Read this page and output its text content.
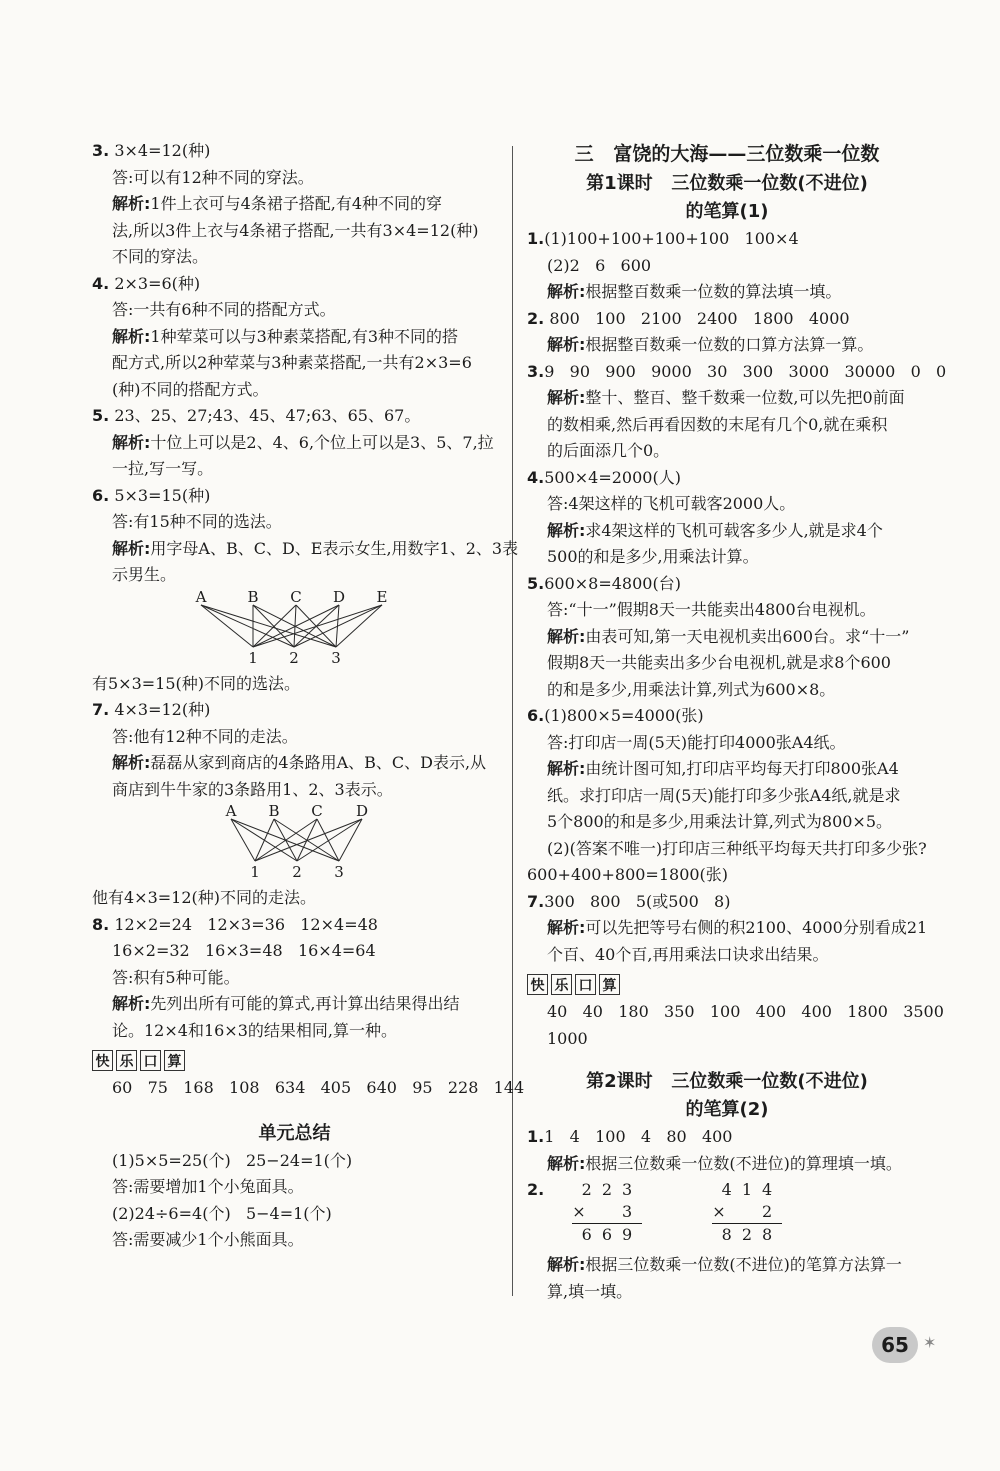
3. 3×4=12(种)
答:可以有12种不同的穿法。
解析:1件上衣可与4条裙子搭配,有4种不同的穿
法,所以3件上衣与4条裙子搭配,一共有3×4=12(种)
不同的穿法。
4. 2×3=6(种)
答:一共有6种不同的搭配方式。
解析:1种荤菜可以与3种素菜搭配,有3种不同的搭
配方式,所以2种荤菜与3种素菜搭配,一共有2×3=6
(种)不同的搭配方式。
5. 23、25、27;43、45、47;63、65、67。
解析:十位上可以是2、4、6,个位上可以是3、5、7,拉
一拉,写一写。
6. 5×3=15(种)
答:有15种不同的选法。
解析:用字母A、B、C、D、E表示女生,用数字1、2、3表
示男生。
A	B C D E
1 2 3
有5×3=15(种)不同的选法。
7. 4×3=12(种)
答:他有12种不同的走法。
解析:磊磊从家到商店的4条路用A、B、C、D表示,从
商店到牛牛家的3条路用1、2、3表示。
A B C D
1 2 3
他有4×3=12(种)不同的走法。
8. 12×2=24   12×3=36   12×4=48
16×2=32   16×3=48   16×4=64
答:积有5种可能。
解析:先列出所有可能的算式,再计算出结果得出结
论。12×4和16×3的结果相同,算一种。
快 乐 口 算
60   75   168   108   634   405   640   95   228   144
单元总结
(1)5×5=25(个)   25−24=1(个)
答:需要增加1个小兔面具。
(2)24÷6=4(个)   5−4=1(个)
答:需要减少1个小熊面具。
三   富饶的大海——三位数乘一位数
第1课时   三位数乘一位数(不进位)
的笔算(1)
1.(1)100+100+100+100   100×4
(2)2   6   600
解析:根据整百数乘一位数的算法填一填。
2. 800   100   2100   2400   1800   4000
解析:根据整百数乘一位数的口算方法算一算。
3.9   90   900   9000   30   300   3000   30000   0   0
解析:整十、整百、整千数乘一位数,可以先把0前面
的数相乘,然后再看因数的末尾有几个0,就在乘积
的后面添几个0。
4.500×4=2000(人)
答:4架这样的飞机可载客2000人。
解析:求4架这样的飞机可载客多少人,就是求4个
500的和是多少,用乘法计算。
5.600×8=4800(台)
答:“十一”假期8天一共能卖出4800台电视机。
解析:由表可知,第一天电视机卖出600台。求“十一”
假期8天一共能卖出多少台电视机,就是求8个600
的和是多少,用乘法计算,列式为600×8。
6.(1)800×5=4000(张)
答:打印店一周(5天)能打印4000张A4纸。
解析:由统计图可知,打印店平均每天打印800张A4
纸。求打印店一周(5天)能打印多少张A4纸,就是求
5个800的和是多少,用乘法计算,列式为800×5。
(2)(答案不唯一)打印店三种纸平均每天共打印多少张?
600+400+800=1800(张)
7.300   800   5(或500   8)
解析:可以先把等号右侧的积2100、4000分别看成21
个百、40个百,再用乘法口诀求出结果。
快 乐 口 算
40   40   180   350   100   400   400   1800   3500
1000
第2课时   三位数乘一位数(不进位)
的笔算(2)
1.1   4   100   4   80   400
解析:根据三位数乘一位数(不进位)的算理填一填。
2.	223
× 3
669
414
× 2
828
解析:根据三位数乘一位数(不进位)的笔算方法算一
算,填一填。
65 ✶
